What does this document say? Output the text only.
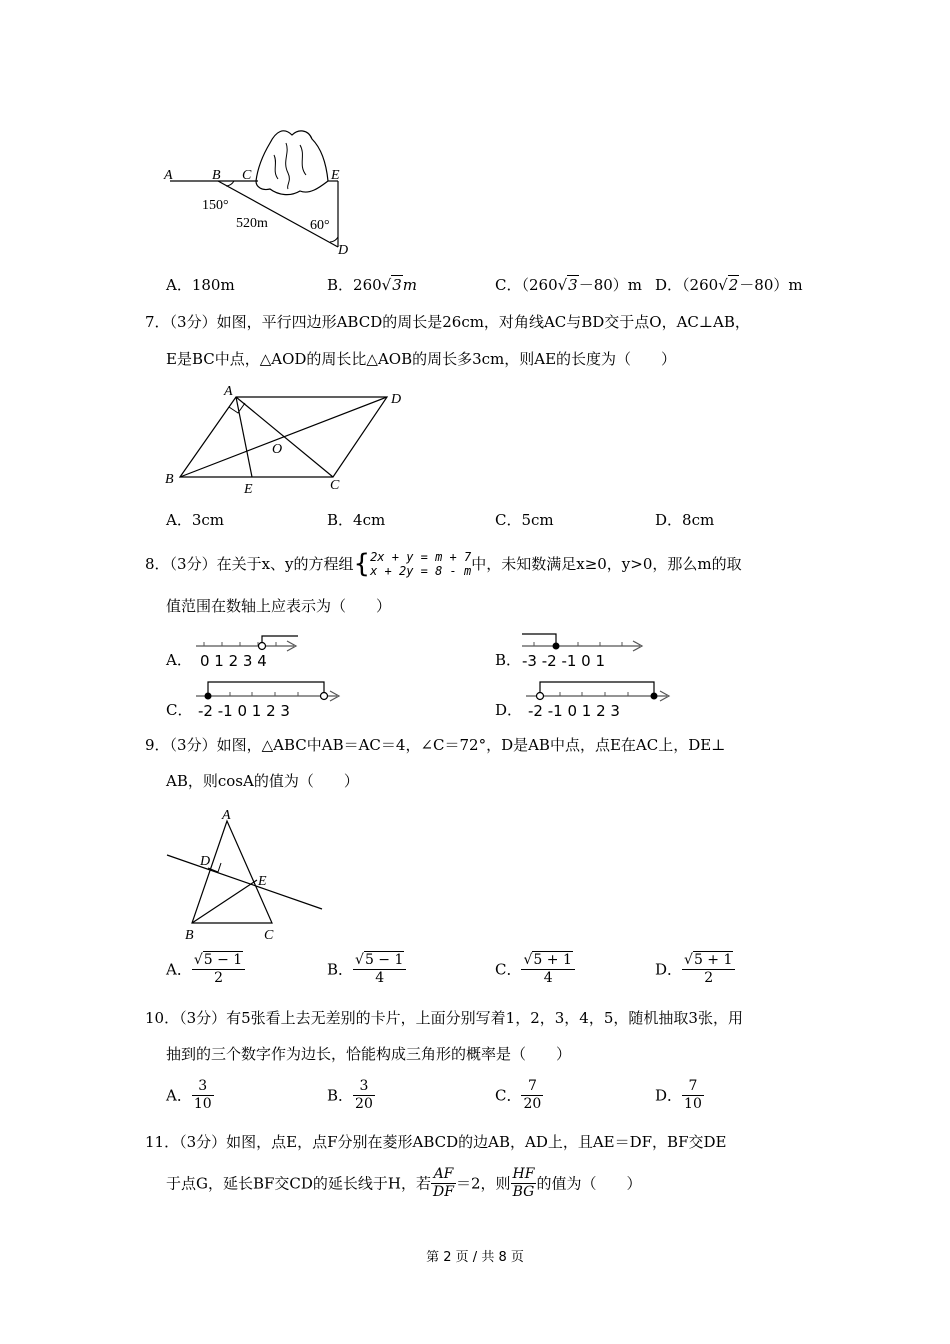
A	B C	E
D
150°
520m	60°
A．180m	B．260√3m	C．（260√3－80）m D．（260√2－80）m
7．（3分）如图，平行四边形ABCD的周长是26cm，对角线AC与BD交于点O，AC⊥AB，
E是BC中点，△AOD的周长比△AOB的周长多3cm，则AE的长度为（　　）
A
B	C
D
E
O
A．3cm	B．4cm	C．5cm	D．8cm
8．（3分）在关于x、y的方程组{ 2x + y = m + 7
x + 2y = 8 - m 中，未知数满足x≥0，y>0，那么m的取
值范围在数轴上应表示为（　　）
A． 0 1 2 3 4	B． -3 -2 -1 0 1
C． -2 -1 0 1 2 3	D． -2 -1 0 1 2 3
9．（3分）如图，△ABC中AB＝AC＝4，∠C＝72°，D是AB中点，点E在AC上，DE⊥
AB，则cosA的值为（　　）
A
B	C
D
E
A． $\frac{√5 - 1}{2}$	B． $\frac{√5 - 1}{4}$	C． $\frac{√5 + 1}{4}$	D． $\frac{√5 + 1}{2}$
10．（3分）有5张看上去无差别的卡片，上面分别写着1，2，3，4，5，随机抽取3张，用
抽到的三个数字作为边长，恰能构成三角形的概率是（　　）
A． $\frac{3}{10}$	B． $\frac{3}{20}$	C． $\frac{7}{20}$	D． $\frac{7}{10}$
11．（3分）如图，点E，点F分别在菱形ABCD的边AB，AD上，且AE＝DF，BF交DE
于点G，延长BF交CD的延长线于H，若 $\frac{AF}{DF} =2$，则 $\frac{HF}{BG}$ 的值为（　　）
第 2 页 / 共 8 页
